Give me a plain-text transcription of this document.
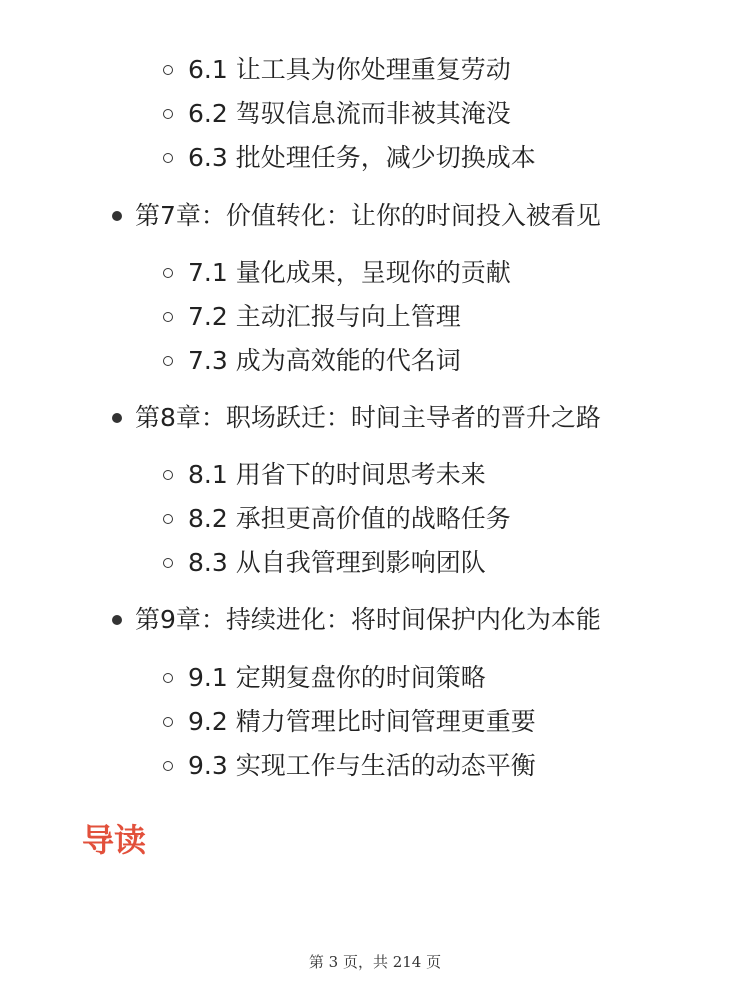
6.1 让工具为你处理重复劳动
6.2 驾驭信息流而非被其淹没
6.3 批处理任务，减少切换成本
第7章：价值转化：让你的时间投入被看见
7.1 量化成果，呈现你的贡献
7.2 主动汇报与向上管理
7.3 成为高效能的代名词
第8章：职场跃迁：时间主导者的晋升之路
8.1 用省下的时间思考未来
8.2 承担更高价值的战略任务
8.3 从自我管理到影响团队
第9章：持续进化：将时间保护内化为本能
9.1 定期复盘你的时间策略
9.2 精力管理比时间管理更重要
9.3 实现工作与生活的动态平衡
导读
第 3 页，共 214 页
